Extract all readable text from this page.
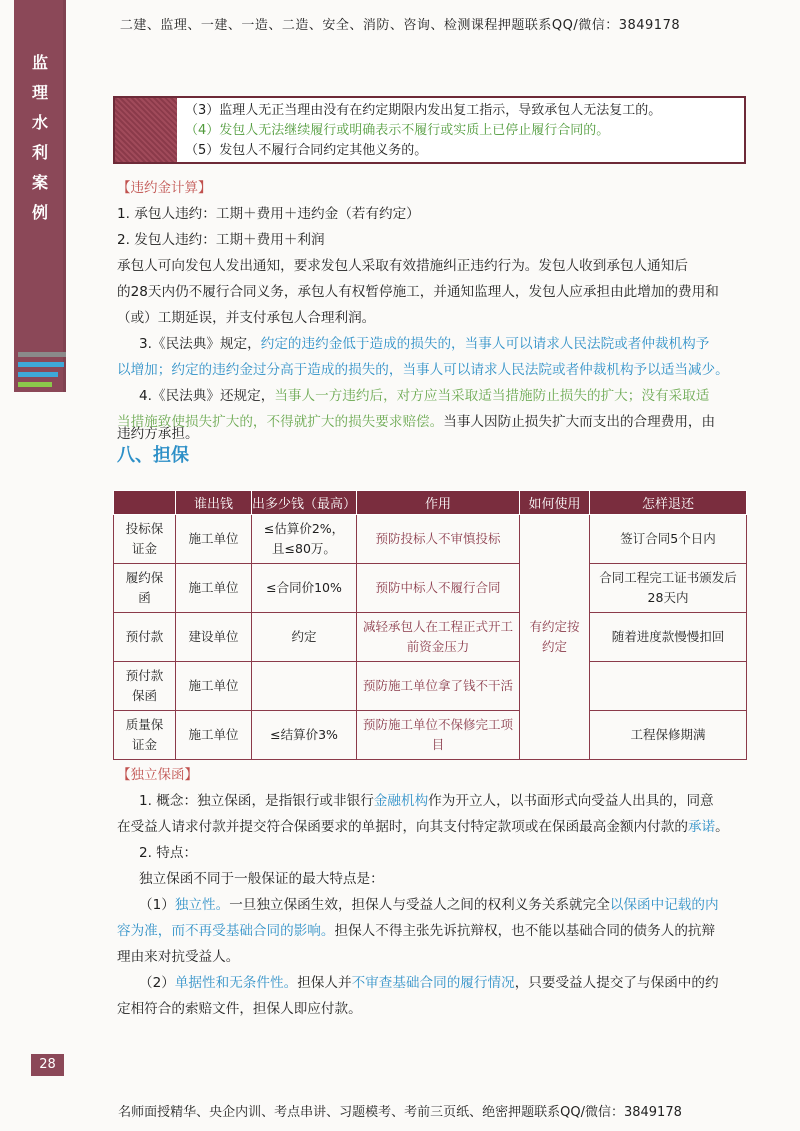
二建、监理、一建、一造、二造、安全、消防、咨询、检测课程押题联系QQ/微信：3849178
监
理
水
利
案
例
（3）监理人无正当理由没有在约定期限内发出复工指示，导致承包人无法复工的。
（4）发包人无法继续履行或明确表示不履行或实质上已停止履行合同的。
（5）发包人不履行合同约定其他义务的。
【违约金计算】
1. 承包人违约：工期＋费用＋违约金（若有约定）
2. 发包人违约：工期＋费用＋利润
承包人可向发包人发出通知，要求发包人采取有效措施纠正违约行为。发包人收到承包人通知后
的28天内仍不履行合同义务，承包人有权暂停施工，并通知监理人，发包人应承担由此增加的费用和
（或）工期延误，并支付承包人合理利润。
3.《民法典》规定，约定的违约金低于造成的损失的，当事人可以请求人民法院或者仲裁机构予
以增加；约定的违约金过分高于造成的损失的，当事人可以请求人民法院或者仲裁机构予以适当减少。
4.《民法典》还规定，当事人一方违约后，对方应当采取适当措施防止损失的扩大；没有采取适
当措施致使损失扩大的，不得就扩大的损失要求赔偿。当事人因防止损失扩大而支出的合理费用，由
违约方承担。
八、担保
	谁出钱	出多少钱（最高）	作用	如何使用	怎样退还
投标保证金	施工单位	≤估算价2%，且≤80万。	预防投标人不审慎投标	有约定按约定	签订合同5个日内
履约保函	施工单位	≤合同价10%	预防中标人不履行合同		合同工程完工证书颁发后28天内
预付款	建设单位	约定	减轻承包人在工程正式开工前资金压力		随着进度款慢慢扣回
预付款保函	施工单位		预防施工单位拿了钱不干活		
质量保证金	施工单位	≤结算价3%	预防施工单位不保修完工项目		工程保修期满
【独立保函】
1. 概念：独立保函，是指银行或非银行金融机构作为开立人，以书面形式向受益人出具的，同意
在受益人请求付款并提交符合保函要求的单据时，向其支付特定款项或在保函最高金额内付款的承诺。
2. 特点：
独立保函不同于一般保证的最大特点是：
（1）独立性。一旦独立保函生效，担保人与受益人之间的权利义务关系就完全以保函中记载的内
容为准，而不再受基础合同的影响。担保人不得主张先诉抗辩权，也不能以基础合同的债务人的抗辩
理由来对抗受益人。
（2）单据性和无条件性。担保人并不审查基础合同的履行情况，只要受益人提交了与保函中的约
定相符合的索赔文件，担保人即应付款。
28
名师面授精华、央企内训、考点串讲、习题模考、考前三页纸、绝密押题联系QQ/微信：3849178
